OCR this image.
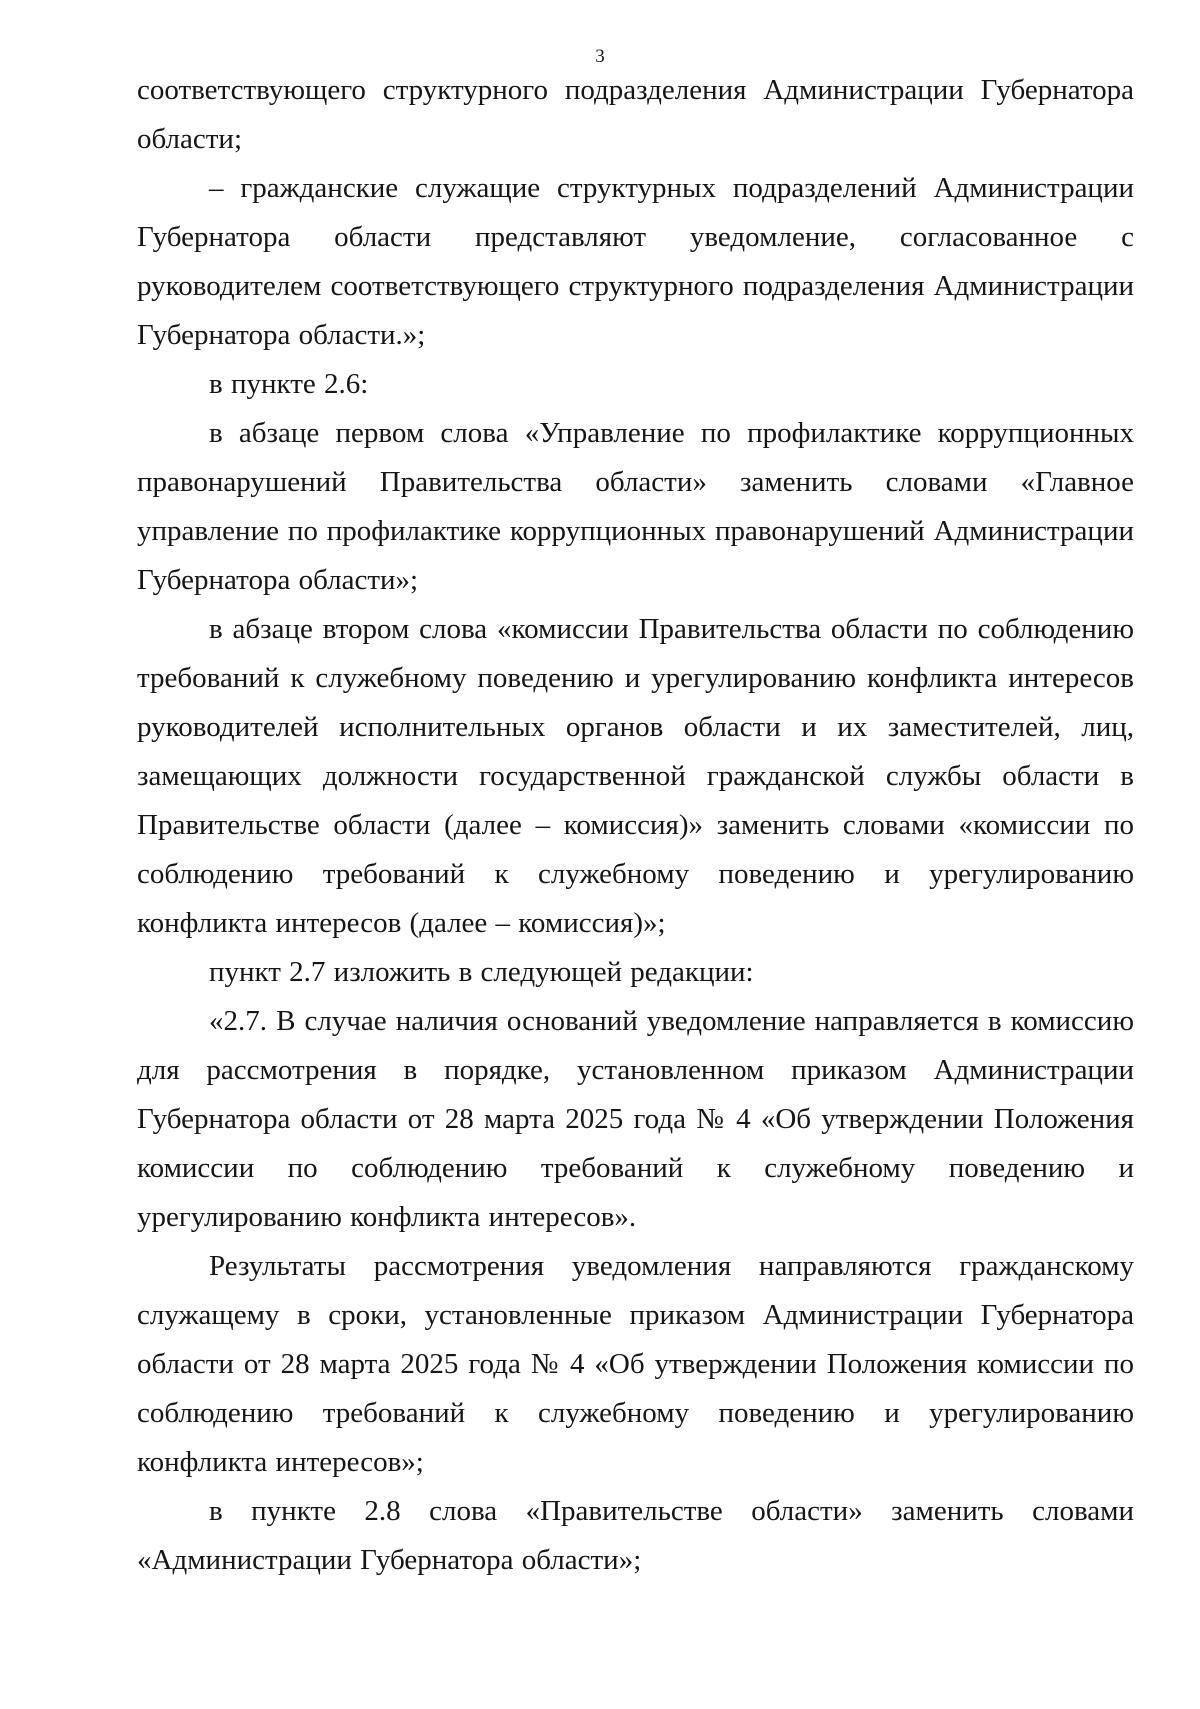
3

соответствующего структурного подразделения Администрации Губернатора области;

– гражданские служащие структурных подразделений Администрации Губернатора области представляют уведомление, согласованное с руководителем соответствующего структурного подразделения Администрации Губернатора области.»;

в пункте 2.6:

в абзаце первом слова «Управление по профилактике коррупционных правонарушений Правительства области» заменить словами «Главное управление по профилактике коррупционных правонарушений Администрации Губернатора области»;

в абзаце втором слова «комиссии Правительства области по соблюдению требований к служебному поведению и урегулированию конфликта интересов руководителей исполнительных органов области и их заместителей, лиц, замещающих должности государственной гражданской службы области в Правительстве области (далее – комиссия)» заменить словами «комиссии по соблюдению требований к служебному поведению и урегулированию конфликта интересов (далее – комиссия)»;

пункт 2.7 изложить в следующей редакции:

«2.7. В случае наличия оснований уведомление направляется в комиссию для рассмотрения в порядке, установленном приказом Администрации Губернатора области от 28 марта 2025 года № 4 «Об утверждении Положения комиссии по соблюдению требований к служебному поведению и урегулированию конфликта интересов».

Результаты рассмотрения уведомления направляются гражданскому служащему в сроки, установленные приказом Администрации Губернатора области от 28 марта 2025 года № 4 «Об утверждении Положения комиссии по соблюдению требований к служебному поведению и урегулированию конфликта интересов»;

в пункте 2.8 слова «Правительстве области» заменить словами «Администрации Губернатора области»;
